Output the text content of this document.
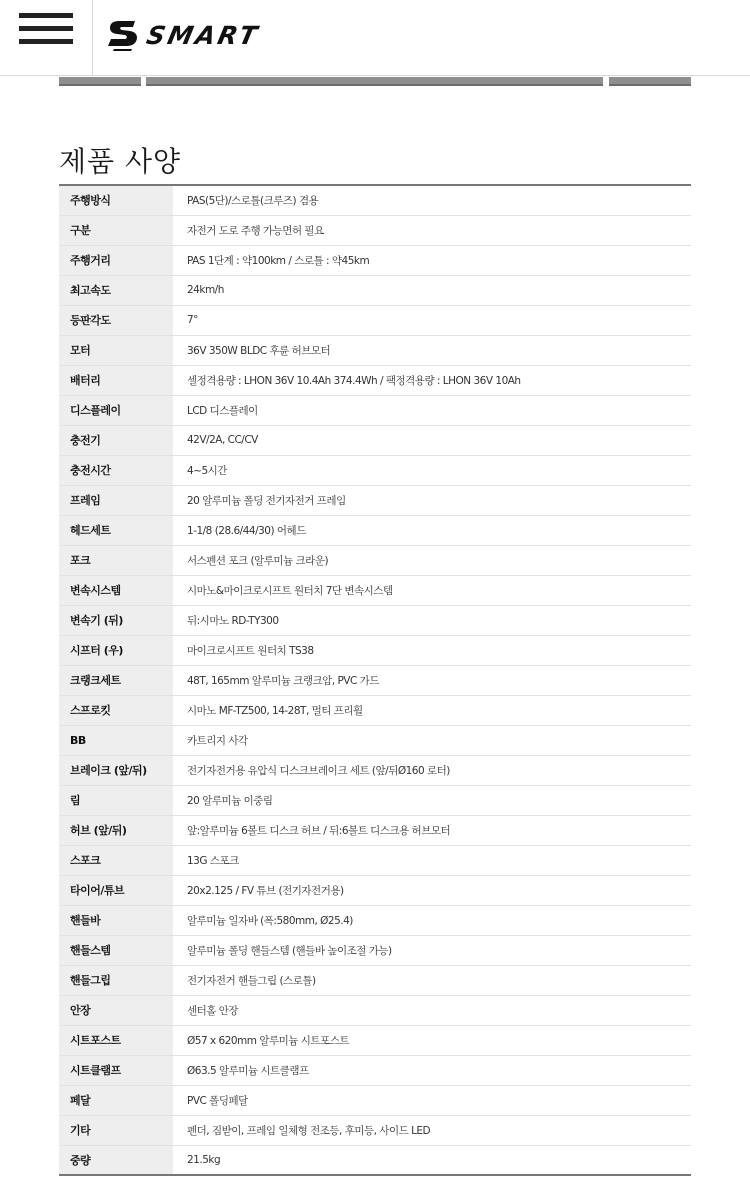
SMART
제품 사양
주행방식	PAS(5단)/스로틀(크루즈) 겸용
구분	자전거 도로 주행 가능면허 필요
주행거리	PAS 1단계 : 약100km / 스로틀 : 약45km
최고속도	24km/h
등판각도	7°
모터	36V 350W BLDC 후륜 허브모터
배터리	셀정격용량 : LHON 36V 10.4Ah 374.4Wh / 팩정격용량 : LHON 36V 10Ah
디스플레이	LCD 디스플레이
충전기	42V/2A, CC/CV
충전시간	4~5시간
프레임	20 알루미늄 폴딩 전기자전거 프레임
헤드세트	1-1/8 (28.6/44/30) 어헤드
포크	서스펜션 포크 (알루미늄 크라운)
변속시스템	시마노&마이크로시프트 원터치 7단 변속시스템
변속기 (뒤)	뒤:시마노 RD-TY300
시프터 (우)	마이크로시프트 원터치 TS38
크랭크세트	48T, 165mm 알루미늄 크랭크암, PVC 가드
스프로킷	시마노 MF-TZ500, 14-28T, 멀티 프리휠
BB	카트리지 사각
브레이크 (앞/뒤)	전기자전거용 유압식 디스크브레이크 세트 (앞/뒤Ø160 로터)
림	20 알루미늄 이중림
허브 (앞/뒤)	앞:알루미늄 6볼트 디스크 허브 / 뒤:6볼트 디스크용 허브모터
스포크	13G 스포크
타이어/튜브	20x2.125 / FV 튜브 (전기자전거용)
핸들바	알루미늄 일자바 (폭:580mm, Ø25.4)
핸들스템	알루미늄 폴딩 핸들스템 (핸들바 높이조절 가능)
핸들그립	전기자전거 핸들그립 (스로틀)
안장	센터홀 안장
시트포스트	Ø57 x 620mm 알루미늄 시트포스트
시트클램프	Ø63.5 알루미늄 시트클램프
페달	PVC 폴딩페달
기타	펜더, 짐받이, 프레임 일체형 전조등, 후미등, 사이드 LED
중량	21.5kg
